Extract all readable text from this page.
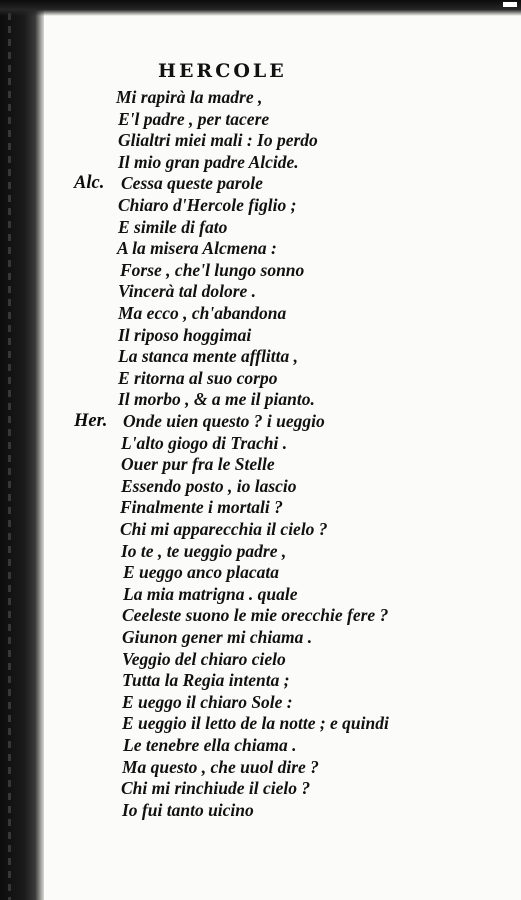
HERCOLE
Mi rapirà la madre ,
E'l padre , per tacere
Glialtri miei mali : Io perdo
Il mio gran padre Alcide.
Alc. Cessa queste parole
Chiaro d'Hercole figlio ;
E simile di fato
A la misera Alcmena :
Forse , che'l lungo sonno
Vincerà tal dolore .
Ma ecco , ch'abandona
Il riposo hoggimai
La stanca mente afflitta ,
E ritorna al suo corpo
Il morbo , & a me il pianto.
Her. Onde uien questo ? i ueggio
L'alto giogo di Trachi .
Ouer pur fra le Stelle
Essendo posto , io lascio
Finalmente i mortali ?
Chi mi apparecchia il cielo ?
Io te , te ueggio padre ,
E ueggo anco placata
La mia matrigna . quale
Ceeleste suono le mie orecchie fere ?
Giunon gener mi chiama .
Veggio del chiaro cielo
Tutta la Regia intenta ;
E ueggo il chiaro Sole :
E ueggio il letto de la notte ; e quindi
Le tenebre ella chiama .
Ma questo , che uuol dire ?
Chi mi rinchiude il cielo ?
Io fui tanto uicino
